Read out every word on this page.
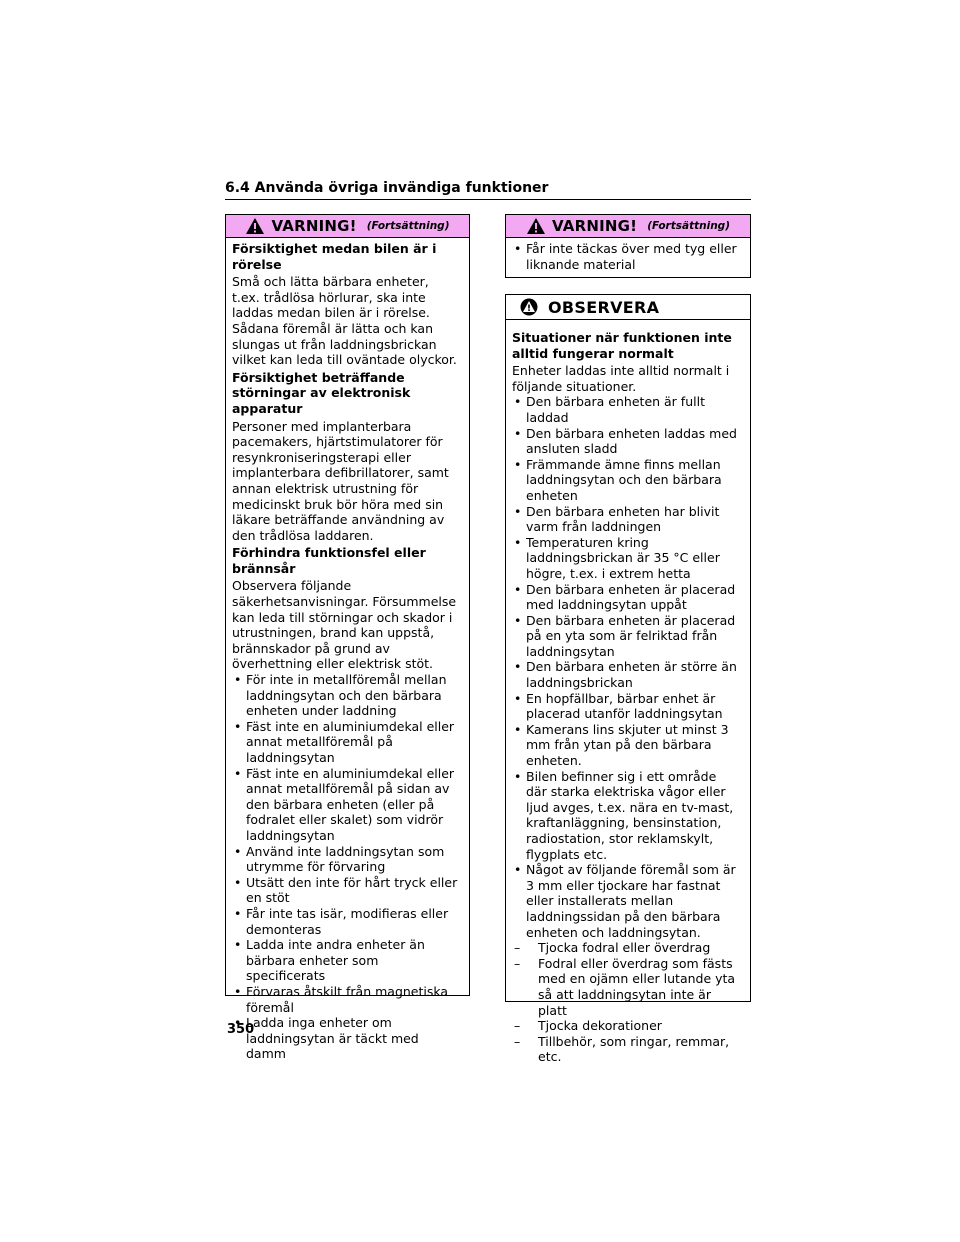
6.4 Använda övriga invändiga funktioner
VARNING! (Fortsättning)

Försiktighet medan bilen är i rörelse

Små och lätta bärbara enheter, t.ex. trådlösa hörlurar, ska inte laddas medan bilen är i rörelse. Sådana föremål är lätta och kan slungas ut från laddningsbrickan vilket kan leda till oväntade olyckor.

Försiktighet beträffande störningar av elektronisk apparatur

Personer med implanterbara pacemakers, hjärtstimulatorer för resynkroniseringsterapi eller implanterbara defibrillatorer, samt annan elektrisk utrustning för medicinskt bruk bör höra med sin läkare beträffande användning av den trådlösa laddaren.

Förhindra funktionsfel eller brännsår

Observera följande säkerhetsanvisningar. Försummelse kan leda till störningar och skador i utrustningen, brand kan uppstå, brännskador på grund av överhettning eller elektrisk stöt.

• För inte in metallföremål mellan laddningsytan och den bärbara enheten under laddning
• Fäst inte en aluminiumdekal eller annat metallföremål på laddningsytan
• Fäst inte en aluminiumdekal eller annat metallföremål på sidan av den bärbara enheten (eller på fodralet eller skalet) som vidrör laddningsytan
• Använd inte laddningsytan som utrymme för förvaring
• Utsätt den inte för hårt tryck eller en stöt
• Får inte tas isär, modifieras eller demonteras
• Ladda inte andra enheter än bärbara enheter som specificerats
• Förvaras åtskilt från magnetiska föremål
• Ladda inga enheter om laddningsytan är täckt med damm
VARNING! (Fortsättning)
• Får inte täckas över med tyg eller liknande material
OBSERVERA

Situationer när funktionen inte alltid fungerar normalt

Enheter laddas inte alltid normalt i följande situationer.

• Den bärbara enheten är fullt laddad
• Den bärbara enheten laddas med ansluten sladd
• Främmande ämne finns mellan laddningsytan och den bärbara enheten
• Den bärbara enheten har blivit varm från laddningen
• Temperaturen kring laddningsbrickan är 35 °C eller högre, t.ex. i extrem hetta
• Den bärbara enheten är placerad med laddningsytan uppåt
• Den bärbara enheten är placerad på en yta som är felriktad från laddningsytan
• Den bärbara enheten är större än laddningsbrickan
• En hopfällbar, bärbar enhet är placerad utanför laddningsytan
• Kamerans lins skjuter ut minst 3 mm från ytan på den bärbara enheten.
• Bilen befinner sig i ett område där starka elektriska vågor eller ljud avges, t.ex. nära en tv-mast, kraftanläggning, bensinstation, radiostation, stor reklamskylt, flygplats etc.
• Något av följande föremål som är 3 mm eller tjockare har fastnat eller installerats mellan laddningssidan på den bärbara enheten och laddningsytan.
– Tjocka fodral eller överdrag
– Fodral eller överdrag som fästs med en ojämn eller lutande yta så att laddningsytan inte är platt
– Tjocka dekorationer
– Tillbehör, som ringar, remmar, etc.
350
